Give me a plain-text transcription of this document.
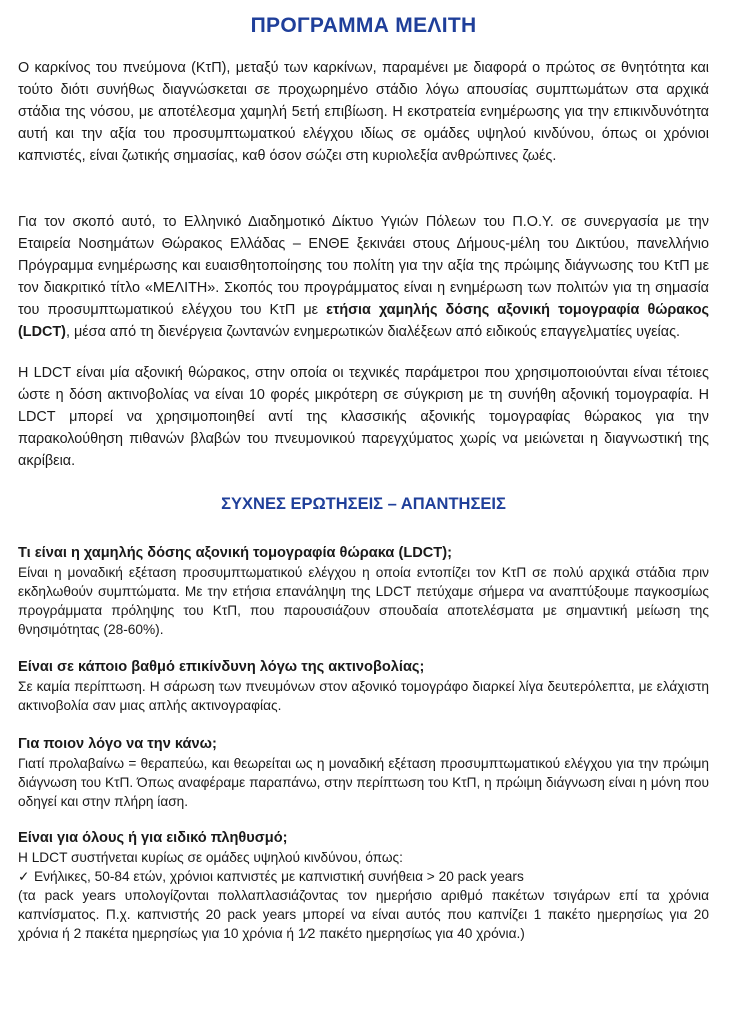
ΠΡΟΓΡΑΜΜΑ ΜΕΛΙΤΗ

Ο καρκίνος του πνεύμονα (ΚτΠ), μεταξύ των καρκίνων, παραμένει με διαφορά ο πρώτος σε θνητότητα και τούτο διότι συνήθως διαγνώσκεται σε προχωρημένο στάδιο λόγω απουσίας συμπτωμάτων στα αρχικά στάδια της νόσου, με αποτέλεσμα χαμηλή 5ετή επιβίωση. Η εκστρατεία ενημέρωσης για την επικινδυνότητα αυτή και την αξία του προσυμπτωματκού ελέγχου ιδίως σε ομάδες υψηλού κινδύνου, όπως οι χρόνιοι καπνιστές, είναι ζωτικής σημασίας, καθ όσον σώζει στη κυριολεξία ανθρώπινες ζωές.

Για τον σκοπό αυτό, το Ελληνικό Διαδημοτικό Δίκτυο Υγιών Πόλεων του Π.Ο.Υ. σε συνεργασία με την Εταιρεία Νοσημάτων Θώρακος Ελλάδας – ΕΝΘΕ ξεκινάει στους Δήμους-μέλη του Δικτύου, πανελλήνιο Πρόγραμμα ενημέρωσης και ευαισθητοποίησης του πολίτη για την αξία της πρώιμης διάγνωσης του ΚτΠ με τον διακριτικό τίτλο «ΜΕΛΙΤΗ». Σκοπός του προγράμματος είναι η ενημέρωση των πολιτών για τη σημασία του προσυμπτωματικού ελέγχου του ΚτΠ με ετήσια χαμηλής δόσης αξονική τομογραφία θώρακος (LDCT), μέσα από τη διενέργεια ζωντανών ενημερωτικών διαλέξεων από ειδικούς επαγγελματίες υγείας.

Η LDCT είναι μία αξονική θώρακος, στην οποία οι τεχνικές παράμετροι που χρησιμοποιούνται είναι τέτοιες ώστε η δόση ακτινοβολίας να είναι 10 φορές μικρότερη σε σύγκριση με τη συνήθη αξονική τομογραφία. Η LDCT μπορεί να χρησιμοποιηθεί αντί της κλασσικής αξονικής τομογραφίας θώρακος για την παρακολούθηση πιθανών βλαβών του πνευμονικού παρεγχύματος χωρίς να μειώνεται η διαγνωστική της ακρίβεια.

ΣΥΧΝΕΣ ΕΡΩΤΗΣΕΙΣ – ΑΠΑΝΤΗΣΕΙΣ

Τι είναι η χαμηλής δόσης αξονική τομογραφία θώρακα (LDCT);

Είναι η μοναδική εξέταση προσυμπτωματικού ελέγχου η οποία εντοπίζει τον ΚτΠ σε πολύ αρχικά στάδια πριν εκδηλωθούν συμπτώματα. Με την ετήσια επανάληψη της LDCT πετύχαμε σήμερα να αναπτύξουμε παγκοσμίως προγράμματα πρόληψης του ΚτΠ, που παρουσιάζουν σπουδαία αποτελέσματα με σημαντική μείωση της θνησιμότητας (28-60%).

Είναι σε κάποιο βαθμό επικίνδυνη λόγω της ακτινοβολίας;

Σε καμία περίπτωση. Η σάρωση των πνευμόνων στον αξονικό τομογράφο διαρκεί λίγα δευτερόλεπτα, με ελάχιστη ακτινοβολία σαν μιας απλής ακτινογραφίας.

Για ποιον λόγο να την κάνω;

Γιατί προλαβαίνω = θεραπεύω, και θεωρείται ως η μοναδική εξέταση προσυμπτωματικού ελέγχου για την πρώιμη διάγνωση του ΚτΠ. Όπως αναφέραμε παραπάνω, στην περίπτωση του ΚτΠ, η πρώιμη διάγνωση είναι η μόνη που οδηγεί και στην πλήρη ίαση.

Είναι για όλους ή για ειδικό πληθυσμό;

Η LDCT συστήνεται κυρίως σε ομάδες υψηλού κινδύνου, όπως:

✓ Ενήλικες, 50-84 ετών, χρόνιοι καπνιστές με καπνιστική συνήθεια > 20 pack years

(τα pack years υπολογίζονται πολλαπλασιάζοντας τον ημερήσιο αριθμό πακέτων τσιγάρων επί τα χρόνια καπνίσματος. Π.χ. καπνιστής 20 pack years μπορεί να είναι αυτός που καπνίζει 1 πακέτο ημερησίως για 20 χρόνια ή 2 πακέτα ημερησίως για 10 χρόνια ή 1⁄2 πακέτο ημερησίως για 40 χρόνια.)
